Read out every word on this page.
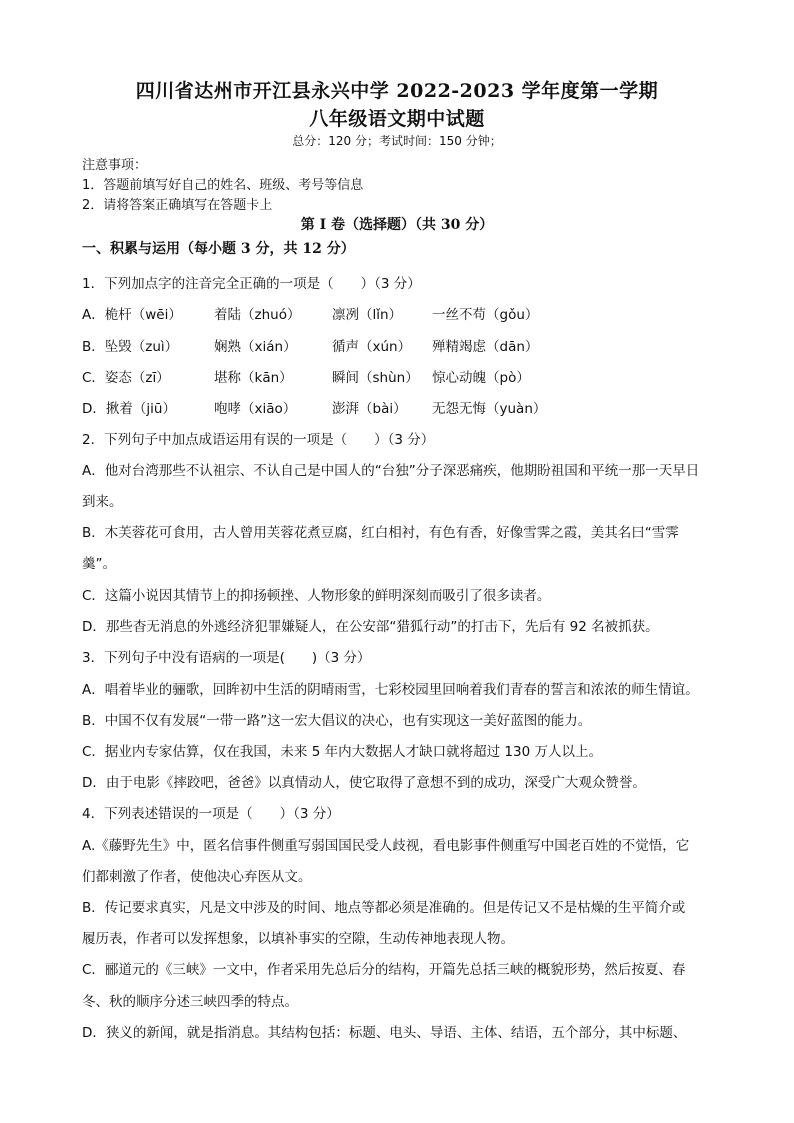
四川省达州市开江县永兴中学 2022-2023 学年度第一学期
八年级语文期中试题
总分：120 分；考试时间：150 分钟；
注意事项：
1．答题前填写好自己的姓名、班级、考号等信息
2．请将答案正确填写在答题卡上
第 I 卷（选择题）（共 30 分）
一、积累与运用（每小题 3 分，共 12 分）
1．下列加点字的注音完全正确的一项是（　　）（3 分）
A．桅杆（wēi） 着陆（zhuó） 凛冽（lǐn） 一丝不苟（gǒu）
B．坠毁（zuì）	娴熟（xián）	循声（xún） 殚精竭虑（dān）
C．姿态（zī）	堪称（kān）	瞬间（shùn） 惊心动魄（pò）
D．揪着（jiū）	咆哮（xiāo）	澎湃（bài） 无怨无悔（yuàn）
2．下列句子中加点成语运用有误的一项是（　　）（3 分）
A．他对台湾那些不认祖宗、不认自己是中国人的“台独”分子深恶痛疾，他期盼祖国和平统一那一天早日
到来。
B．木芙蓉花可食用，古人曾用芙蓉花煮豆腐，红白相衬，有色有香，好像雪霁之霞，美其名曰“雪霁
羹”。
C．这篇小说因其情节上的抑扬顿挫、人物形象的鲜明深刻而吸引了很多读者。
D．那些杳无消息的外逃经济犯罪嫌疑人，在公安部“猎狐行动”的打击下，先后有 92 名被抓获。
3．下列句子中没有语病的一项是(　　)（3 分）
A．唱着毕业的骊歌，回眸初中生活的阴晴雨雪，七彩校园里回响着我们青春的誓言和浓浓的师生情谊。
B．中国不仅有发展“一带一路”这一宏大倡议的决心，也有实现这一美好蓝图的能力。
C．据业内专家估算，仅在我国，未来 5 年内大数据人才缺口就将超过 130 万人以上。
D．由于电影《摔跤吧，爸爸》以真情动人，使它取得了意想不到的成功，深受广大观众赞誉。
4．下列表述错误的一项是（　　）（3 分）
A.《藤野先生》中，匿名信事件侧重写弱国国民受人歧视，看电影事件侧重写中国老百姓的不觉悟，它
们都刺激了作者，使他决心弃医从文。
B．传记要求真实，凡是文中涉及的时间、地点等都必须是准确的。但是传记又不是枯燥的生平简介或
履历表，作者可以发挥想象，以填补事实的空隙，生动传神地表现人物。
C．郦道元的《三峡》一文中，作者采用先总后分的结构，开篇先总括三峡的概貌形势，然后按夏、春
冬、秋的顺序分述三峡四季的特点。
D．狭义的新闻，就是指消息。其结构包括：标题、电头、导语、主体、结语，五个部分，其中标题、
